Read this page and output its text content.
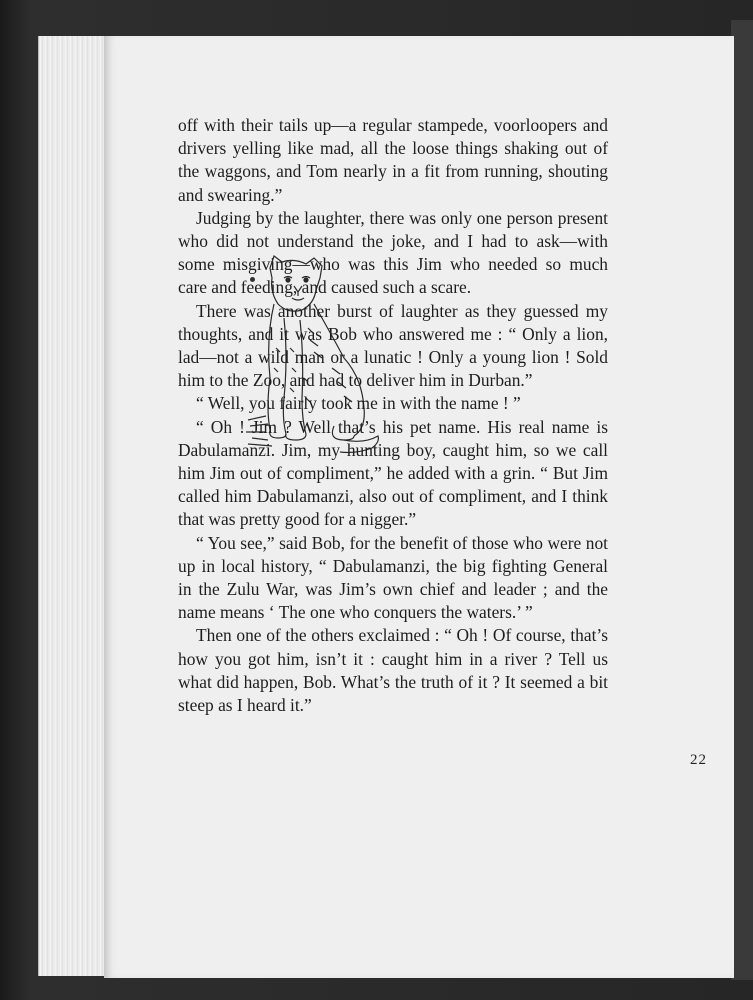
22

off with their tails up—a regular stampede, voorloopers and drivers yelling like mad, all the loose things shaking out of the waggons, and Tom nearly in a fit from running, shouting and swearing.”

Judging by the laughter, there was only one person present who did not understand the joke, and I had to ask—with some misgiving—who was this Jim who needed so much care and feeding, and caused such a scare.

There was another burst of laughter as they guessed my thoughts, and it was Bob who answered me : “ Only a lion, lad—not a wild man or a lunatic ! Only a young lion ! Sold him to the Zoo, and had to deliver him in Durban.”

“ Well, you fairly took me in with the name ! ”

“ Oh ! Jim ? Well that’s his pet name. His real name is Dabulamanzi. Jim, my hunting boy, caught him, so we call him Jim out of compliment,” he added with a grin. “ But Jim called him Dabulamanzi, also out of compliment, and I think that was pretty good for a nigger.”

“ You see,” said Bob, for the benefit of those who were not up in local history, “ Dabulamanzi, the big fighting General in the Zulu War, was Jim’s own chief and leader ; and the name means ‘ The one who conquers the waters.’ ”

Then one of the others exclaimed : “ Oh ! Of course, that’s how you got him, isn’t it : caught him in a river ? Tell us what did happen, Bob. What’s the truth of it ? It seemed a bit steep as I heard it.”
